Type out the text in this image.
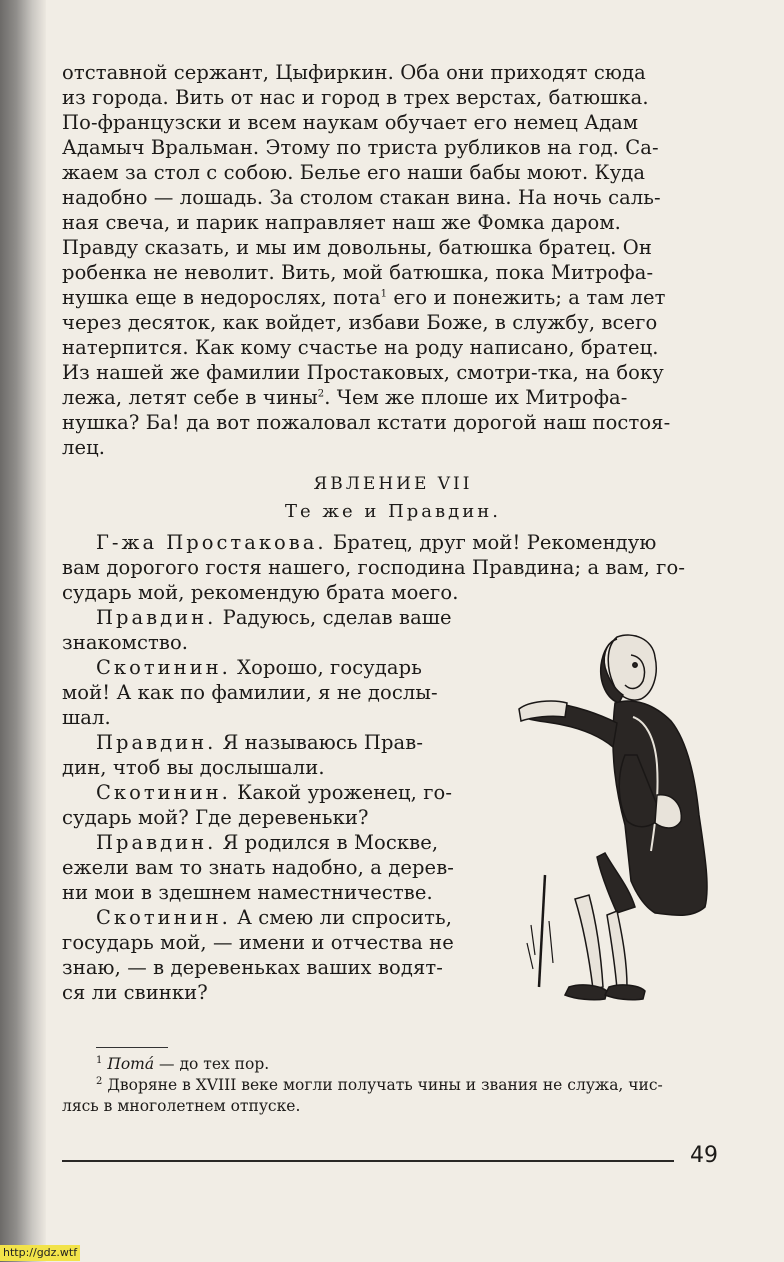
отставной сержант, Цыфиркин. Оба они приходят сюда

из города. Вить от нас и город в трех верстах, батюшка.

По-французски и всем наукам обучает его немец Адам

Адамыч Вральман. Этому по триста рубликов на год. Са-

жаем за стол с собою. Белье его наши бабы моют. Куда

надобно — лошадь. За столом стакан вина. На ночь саль-

ная свеча, и парик направляет наш же Фомка даром.

Правду сказать, и мы им довольны, батюшка братец. Он

робенка не неволит. Вить, мой батюшка, пока Митрофа-

нушка еще в недорослях, пота$^1$ его и понежить; а там лет

через десяток, как войдет, избави Боже, в службу, всего

натерпится. Как кому счастье на роду написано, братец.

Из нашей же фамилии Простаковых, смотри-тка, на боку

лежа, летят себе в чины$^2$. Чем же плоше их Митрофа-

нушка? Ба! да вот пожаловал кстати дорогой наш постоя-

лец.

ЯВЛЕНИЕ VII
Те же и Правдин.

Г-жа Простакова. Братец, друг мой! Рекомендую

вам дорогого гостя нашего, господина Правдина; а вам, го-

сударь мой, рекомендую брата моего.

Правдин. Радуюсь, сделав ваше

знакомство.

Скотинин. Хорошо, государь

мой! А как по фамилии, я не дослы-

шал.

Правдин. Я называюсь Прав-

дин, чтоб вы дослышали.

Скотинин. Какой уроженец, го-

сударь мой? Где деревеньки?

Правдин. Я родился в Москве,

ежели вам то знать надобно, а дерев-

ни мои в здешнем наместничестве.

Скотинин. А смею ли спросить,

государь мой, — имени и отчества не

знаю, — в деревеньках ваших водят-

ся ли свинки?

$^1$ Потá — до тех пор.

$^2$ Дворяне в XVIII веке могли получать чины и звания не служа, чис-

лясь в многолетнем отпуске.

49
http://gdz.wtf
